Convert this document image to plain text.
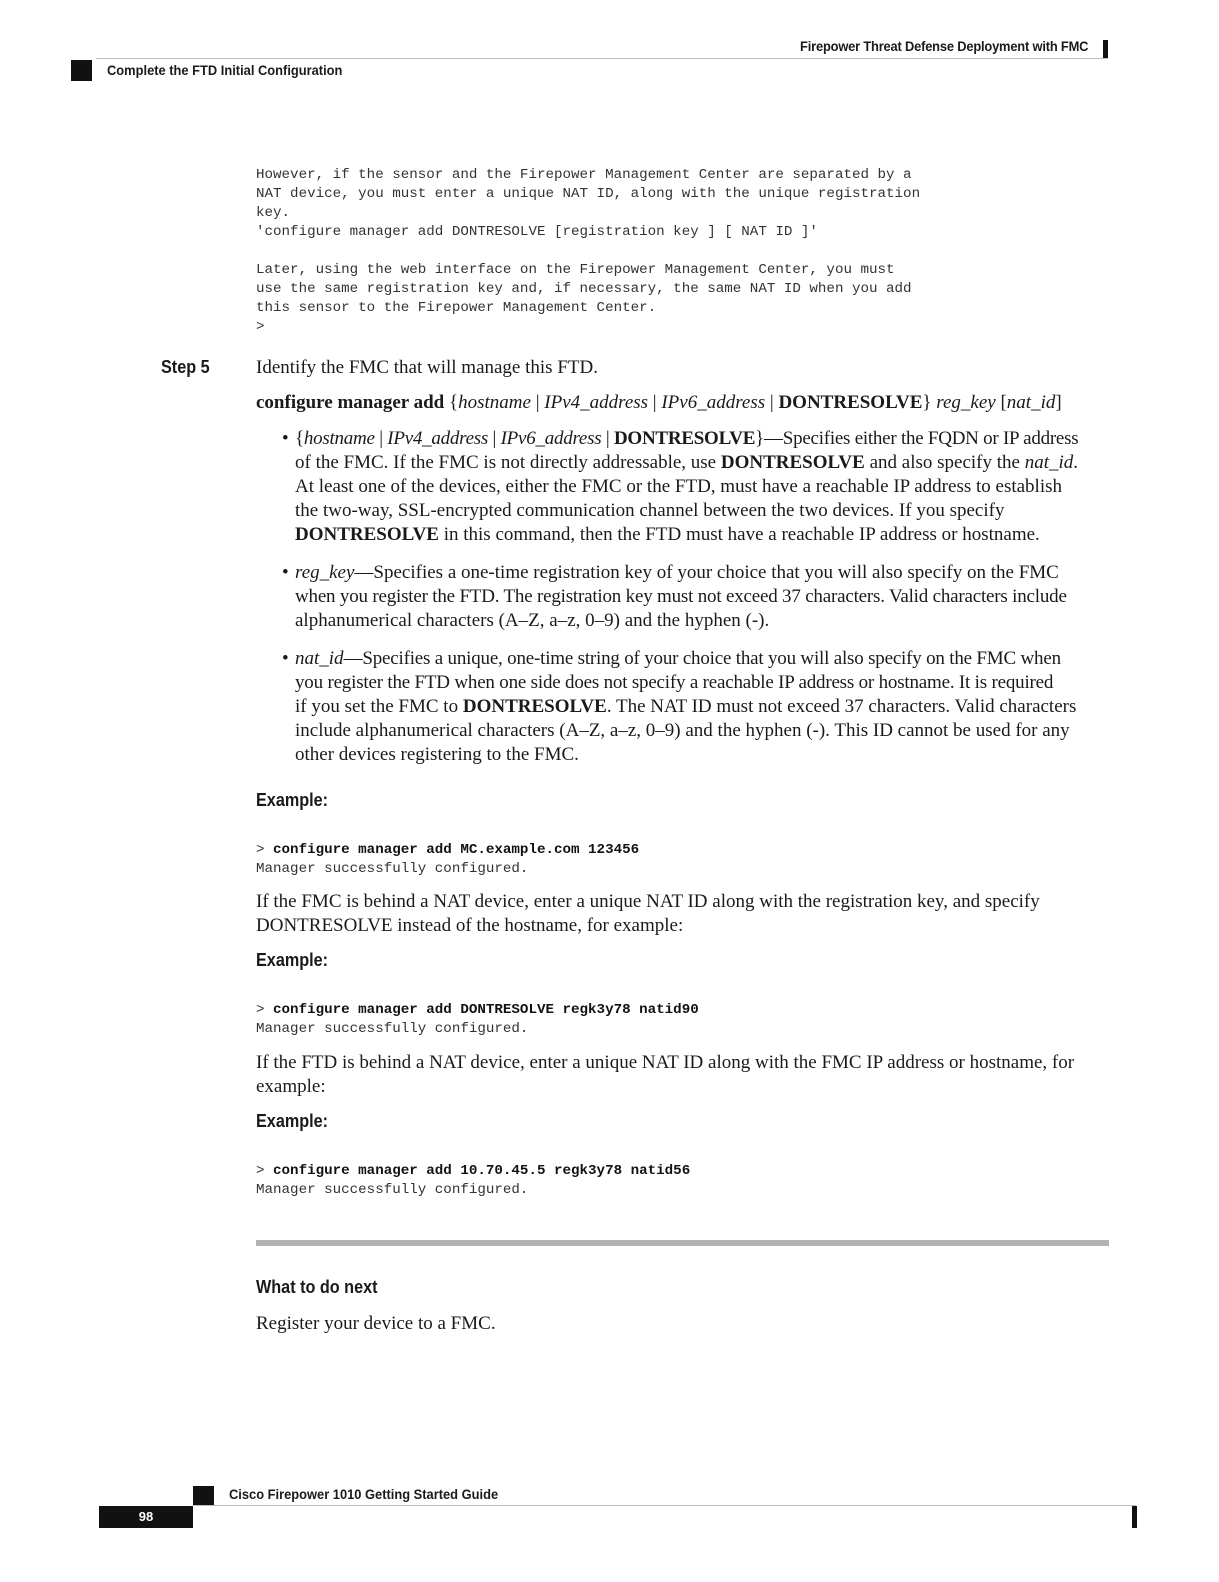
Firepower Threat Defense Deployment with FMC
Complete the FTD Initial Configuration
However, if the sensor and the Firepower Management Center are separated by a
NAT device, you must enter a unique NAT ID, along with the unique registration
key.
'configure manager add DONTRESOLVE [registration key ] [ NAT ID ]'

Later, using the web interface on the Firepower Management Center, you must
use the same registration key and, if necessary, the same NAT ID when you add
this sensor to the Firepower Management Center.
>
Step 5 Identify the FMC that will manage this FTD.

configure manager add {hostname | IPv4_address | IPv6_address | DONTRESOLVE} reg_key [nat_id]

• {hostname | IPv4_address | IPv6_address | DONTRESOLVE}—Specifies either the FQDN or IP address
of the FMC. If the FMC is not directly addressable, use DONTRESOLVE and also specify the nat_id.
At least one of the devices, either the FMC or the FTD, must have a reachable IP address to establish
the two-way, SSL-encrypted communication channel between the two devices. If you specify
DONTRESOLVE in this command, then the FTD must have a reachable IP address or hostname.
• reg_key—Specifies a one-time registration key of your choice that you will also specify on the FMC
when you register the FTD. The registration key must not exceed 37 characters. Valid characters include
alphanumerical characters (A–Z, a–z, 0–9) and the hyphen (-).
• nat_id—Specifies a unique, one-time string of your choice that you will also specify on the FMC when
you register the FTD when one side does not specify a reachable IP address or hostname. It is required
if you set the FMC to DONTRESOLVE. The NAT ID must not exceed 37 characters. Valid characters
include alphanumerical characters (A–Z, a–z, 0–9) and the hyphen (-). This ID cannot be used for any
other devices registering to the FMC.
Example:
> configure manager add MC.example.com 123456
Manager successfully configured.

If the FMC is behind a NAT device, enter a unique NAT ID along with the registration key, and specify
DONTRESOLVE instead of the hostname, for example:

Example:
> configure manager add DONTRESOLVE regk3y78 natid90
Manager successfully configured.

If the FTD is behind a NAT device, enter a unique NAT ID along with the FMC IP address or hostname, for
example:

Example:
> configure manager add 10.70.45.5 regk3y78 natid56
Manager successfully configured.
What to do next

Register your device to a FMC.

Cisco Firepower 1010 Getting Started Guide
98
